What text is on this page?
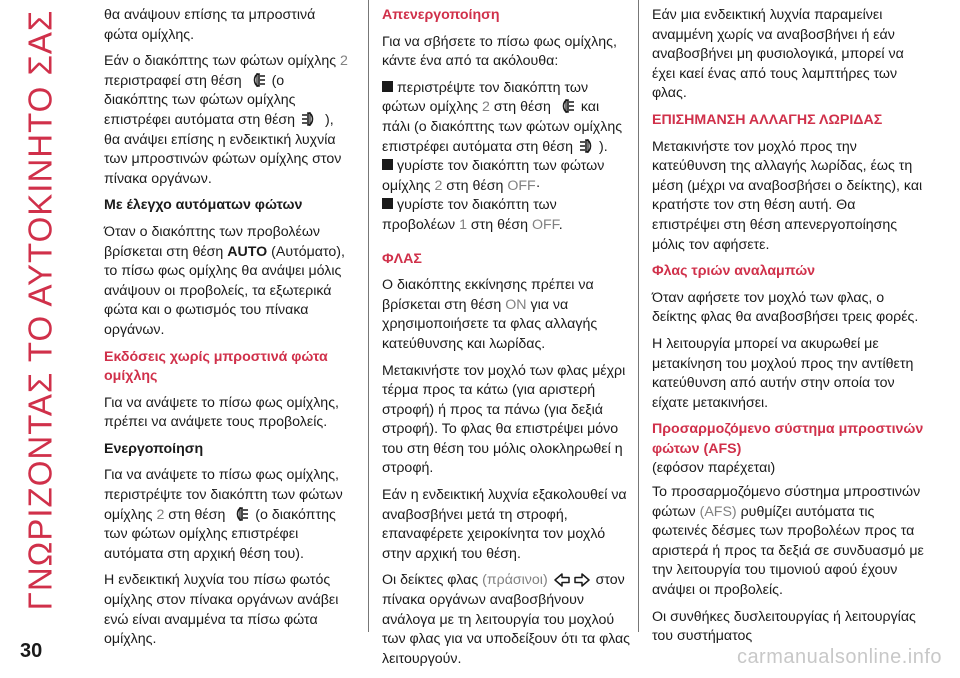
ΓΝΩΡΙΖΟΝΤΑΣ ΤΟ ΑΥΤΟΚΙΝΗΤΟ ΣΑΣ	θα ανάψουν επίσης τα μπροστινά φώτα ομίχλης.

Εάν ο διακόπτης των φώτων ομίχλης 2 περιστραφεί στη θέση (ο διακόπτης των φώτων ομίχλης επιστρέφει αυτόματα στη θέση ), θα ανάψει επίσης η ενδεικτική λυχνία των μπροστινών φώτων ομίχλης στον πίνακα οργάνων.

Με έλεγχο αυτόματων φώτων

Όταν ο διακόπτης των προβολέων βρίσκεται στη θέση AUTO (Αυτόματο), το πίσω φως ομίχλης θα ανάψει μόλις ανάψουν οι προβολείς, τα εξωτερικά φώτα και ο φωτισμός του πίνακα οργάνων.

Εκδόσεις χωρίς μπροστινά φώτα ομίχλης

Για να ανάψετε το πίσω φως ομίχλης, πρέπει να ανάψετε τους προβολείς.

Ενεργοποίηση

Για να ανάψετε το πίσω φως ομίχλης, περιστρέψτε τον διακόπτη των φώτων ομίχλης 2 στη θέση (ο διακόπτης των φώτων ομίχλης επιστρέφει αυτόματα στη αρχική θέση του).

Η ενδεικτική λυχνία του πίσω φωτός ομίχλης στον πίνακα οργάνων ανάβει ενώ είναι αναμμένα τα πίσω φώτα ομίχλης.

Απενεργοποίηση

Για να σβήσετε το πίσω φως ομίχλης, κάντε ένα από τα ακόλουθα:

περιστρέψτε τον διακόπτη των φώτων ομίχλης 2 στη θέση και πάλι (ο διακόπτης των φώτων ομίχλης επιστρέφει αυτόματα στη θέση ).

γυρίστε τον διακόπτη των φώτων ομίχλης 2 στη θέση OFF·

γυρίστε τον διακόπτη των προβολέων 1 στη θέση OFF.

ΦΛΑΣ

Ο διακόπτης εκκίνησης πρέπει να βρίσκεται στη θέση ON για να χρησιμοποιήσετε τα φλας αλλαγής κατεύθυνσης και λωρίδας.

Μετακινήστε τον μοχλό των φλας μέχρι τέρμα προς τα κάτω (για αριστερή στροφή) ή προς τα πάνω (για δεξιά στροφή). Το φλας θα επιστρέψει μόνο του στη θέση του μόλις ολοκληρωθεί η στροφή.

Εάν η ενδεικτική λυχνία εξακολουθεί να αναβοσβήνει μετά τη στροφή, επαναφέρετε χειροκίνητα τον μοχλό στην αρχική του θέση.

Οι δείκτες φλας (πράσινοι)	στον πίνακα οργάνων αναβοσβήνουν ανάλογα με τη λειτουργία του μοχλού των φλας για να υποδείξουν ότι τα φλας λειτουργούν.

Εάν μια ενδεικτική λυχνία παραμείνει αναμμένη χωρίς να αναβοσβήνει ή εάν αναβοσβήνει μη φυσιολογικά, μπορεί να έχει καεί ένας από τους λαμπτήρες των φλας.

ΕΠΙΣΗΜΑΝΣΗ ΑΛΛΑΓΗΣ ΛΩΡΙΔΑΣ

Μετακινήστε τον μοχλό προς την κατεύθυνση της αλλαγής λωρίδας, έως τη μέση (μέχρι να αναβοσβήσει ο δείκτης), και κρατήστε τον στη θέση αυτή. Θα επιστρέψει στη θέση απενεργοποίησης μόλις τον αφήσετε.

Φλας τριών αναλαμπών

Όταν αφήσετε τον μοχλό των φλας, ο δείκτης φλας θα αναβοσβήσει τρεις φορές.

Η λειτουργία μπορεί να ακυρωθεί με μετακίνηση του μοχλού προς την αντίθετη κατεύθυνση από αυτήν στην οποία τον είχατε μετακινήσει.

Προσαρμοζόμενο σύστημα μπροστινών φώτων (AFS)

(εφόσον παρέχεται)

Το προσαρμοζόμενο σύστημα μπροστινών φώτων (AFS) ρυθμίζει αυτόματα τις φωτεινές δέσμες των προβολέων προς τα αριστερά ή προς τα δεξιά σε συνδυασμό με την λειτουργία του τιμονιού αφού έχουν ανάψει οι προβολείς.

Οι συνθήκες δυσλειτουργίας ή λειτουργίας του συστήματος

30	carmanualsonline.info
